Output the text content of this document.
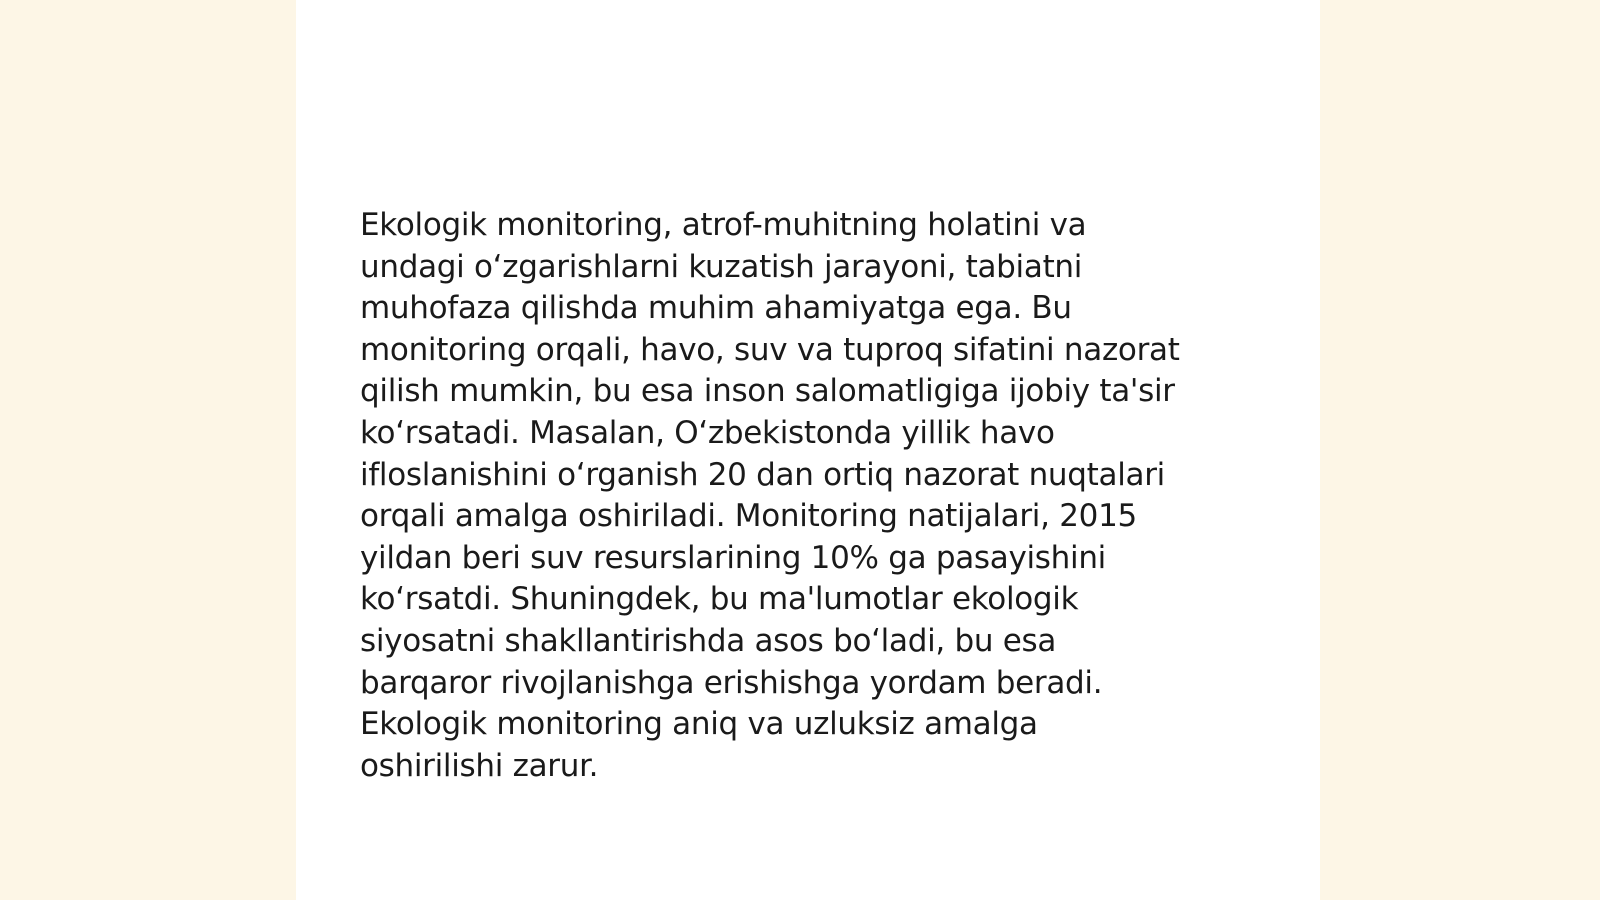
Ekologik monitoring, atrof-muhitning holatini va
undagi o‘zgarishlarni kuzatish jarayoni, tabiatni
muhofaza qilishda muhim ahamiyatga ega. Bu
monitoring orqali, havo, suv va tuproq sifatini nazorat
qilish mumkin, bu esa inson salomatligiga ijobiy ta'sir
ko‘rsatadi. Masalan, O‘zbekistonda yillik havo
ifloslanishini o‘rganish 20 dan ortiq nazorat nuqtalari
orqali amalga oshiriladi. Monitoring natijalari, 2015
yildan beri suv resurslarining 10% ga pasayishini
ko‘rsatdi. Shuningdek, bu ma'lumotlar ekologik
siyosatni shakllantirishda asos bo‘ladi, bu esa
barqaror rivojlanishga erishishga yordam beradi.
Ekologik monitoring aniq va uzluksiz amalga
oshirilishi zarur.
